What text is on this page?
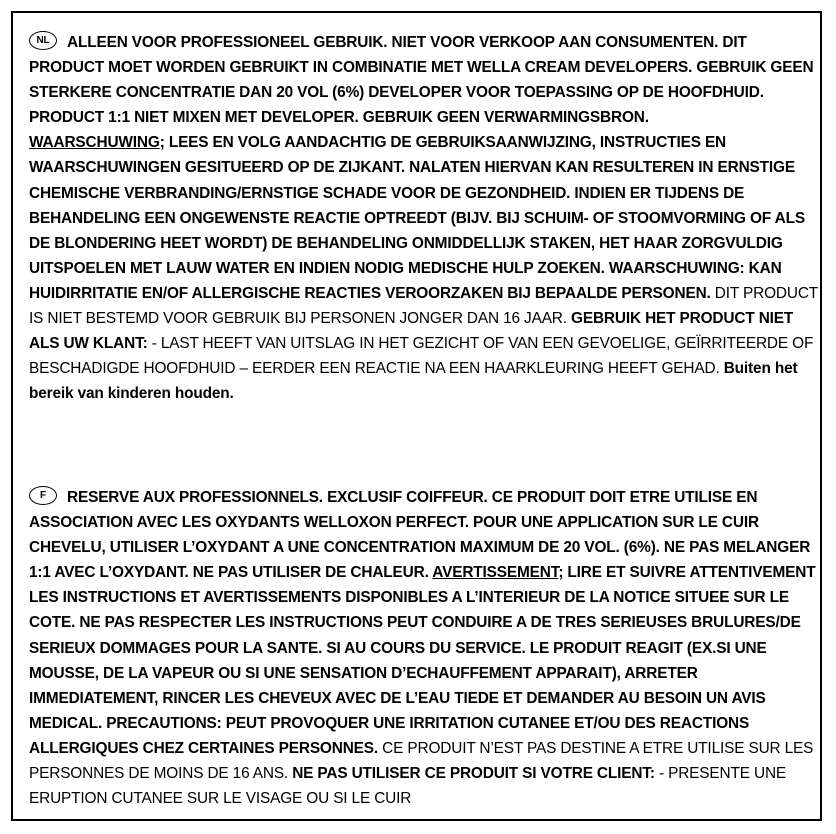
NL ALLEEN VOOR PROFESSIONEEL GEBRUIK. NIET VOOR VERKOOP AAN CONSUMENTEN. DIT PRODUCT MOET WORDEN GEBRUIKT IN COMBINATIE MET WELLA CREAM DEVELOPERS. GEBRUIK GEEN STERKERE CONCENTRATIE DAN 20 VOL (6%) DEVELOPER VOOR TOEPASSING OP DE HOOFDHUID. PRODUCT 1:1 NIET MIXEN MET DEVELOPER. GEBRUIK GEEN VERWARMINGSBRON.
WAARSCHUWING; LEES EN VOLG AANDACHTIG DE GEBRUIKSAANWIJZING, INSTRUCTIES EN WAARSCHUWINGEN GESITUEERD OP DE ZIJKANT. NALATEN HIERVAN KAN RESULTEREN IN ERNSTIGE CHEMISCHE VERBRANDING/ERNSTIGE SCHADE VOOR DE GEZONDHEID. INDIEN ER TIJDENS DE BEHANDELING EEN ONGEWENSTE REACTIE OPTREEDT (BIJV. BIJ SCHUIM- OF STOOMVORMING OF ALS DE BLONDERING HEET WORDT) DE BEHANDELING ONMIDDELLIJK STAKEN, HET HAAR ZORGVULDIG UITSPOELEN MET LAUW WATER EN INDIEN NODIG MEDISCHE HULP ZOEKEN. WAARSCHUWING: KAN HUIDIRRITATIE EN/OF ALLERGISCHE REACTIES VEROORZAKEN BIJ BEPAALDE PERSONEN. DIT PRODUCT IS NIET BESTEMD VOOR GEBRUIK BIJ PERSONEN JONGER DAN 16 JAAR. GEBRUIK HET PRODUCT NIET ALS UW KLANT: - LAST HEEFT VAN UITSLAG IN HET GEZICHT OF VAN EEN GEVOELIGE, GEÏRRITEERDE OF BESCHADIGDE HOOFDHUID – EERDER EEN REACTIE NA EEN HAARKLEURING HEEFT GEHAD. Buiten het bereik van kinderen houden.
F RESERVE AUX PROFESSIONNELS. EXCLUSIF COIFFEUR. CE PRODUIT DOIT ETRE UTILISE EN ASSOCIATION AVEC LES OXYDANTS WELLOXON PERFECT. POUR UNE APPLICATION SUR LE CUIR CHEVELU, UTILISER L’OXYDANT A UNE CONCENTRATION MAXIMUM DE 20 VOL. (6%). NE PAS MELANGER 1:1 AVEC L’OXYDANT. NE PAS UTILISER DE CHALEUR. AVERTISSEMENT; LIRE ET SUIVRE ATTENTIVEMENT LES INSTRUCTIONS ET AVERTISSEMENTS DISPONIBLES A L’INTERIEUR DE LA NOTICE SITUEE SUR LE COTE. NE PAS RESPECTER LES INSTRUCTIONS PEUT CONDUIRE A DE TRES SERIEUSES BRULURES/DE SERIEUX DOMMAGES POUR LA SANTE. SI AU COURS DU SERVICE. LE PRODUIT REAGIT (EX.SI UNE MOUSSE, DE LA VAPEUR OU SI UNE SENSATION D’ECHAUFFEMENT APPARAIT), ARRETER IMMEDIATEMENT, RINCER LES CHEVEUX AVEC DE L’EAU TIEDE ET DEMANDER AU BESOIN UN AVIS MEDICAL. PRECAUTIONS: PEUT PROVOQUER UNE IRRITATION CUTANEE ET/OU DES REACTIONS ALLERGIQUES CHEZ CERTAINES PERSONNES. CE PRODUIT N’EST PAS DESTINE A ETRE UTILISE SUR LES PERSONNES DE MOINS DE 16 ANS. NE PAS UTILISER CE PRODUIT SI VOTRE CLIENT: - PRESENTE UNE ERUPTION CUTANEE SUR LE VISAGE OU SI LE CUIR
